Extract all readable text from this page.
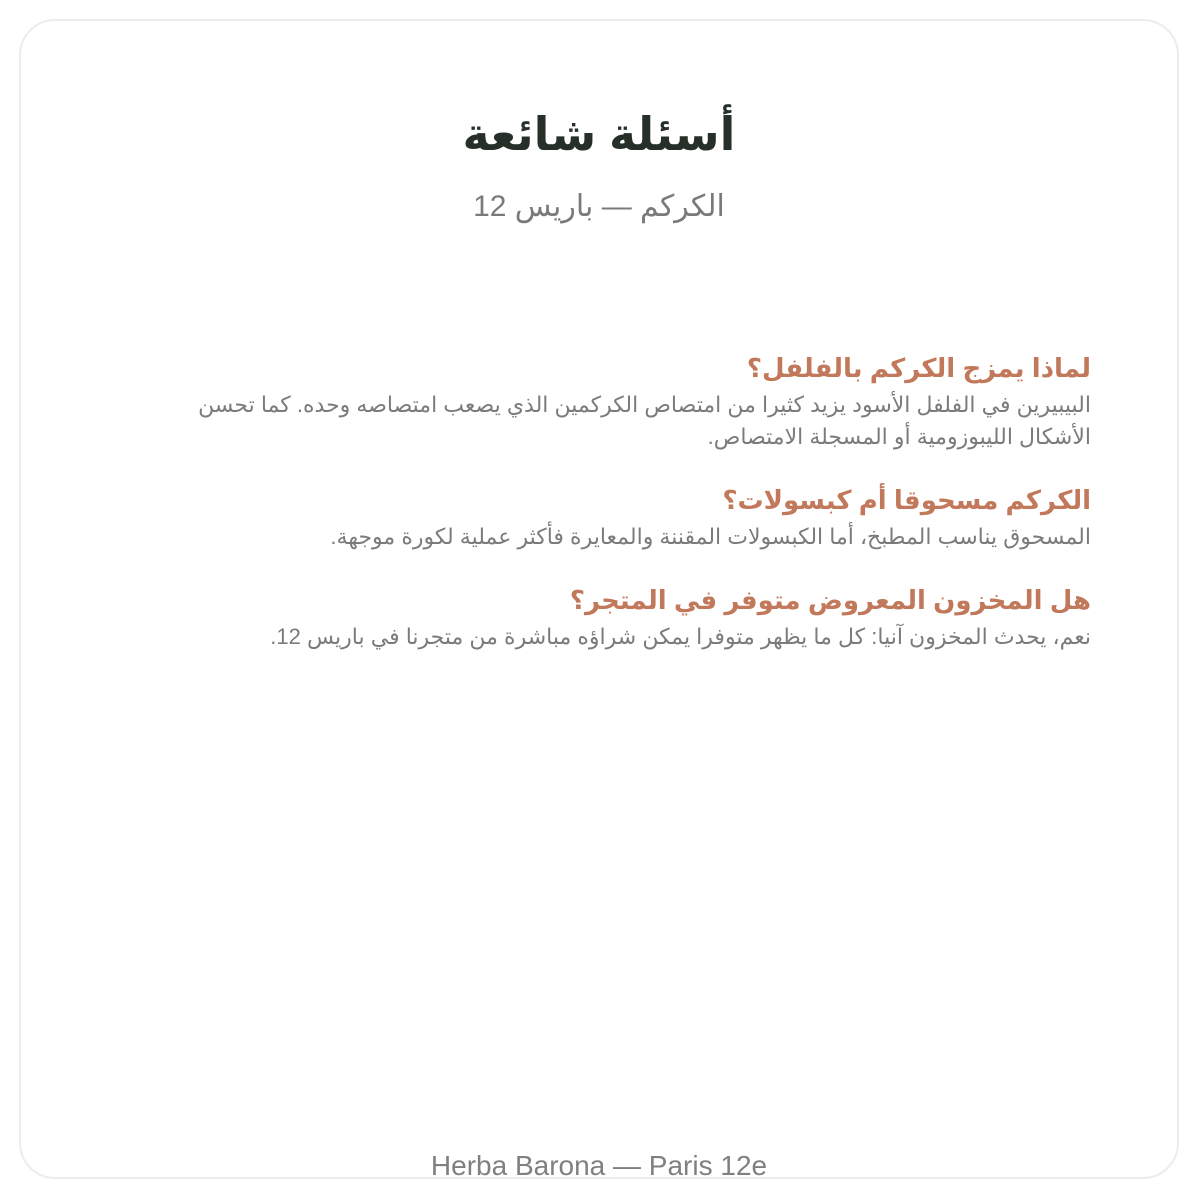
أسئلة شائعة
الكركم — باريس 12
لماذا يمزج الكركم بالفلفل؟
البيبيرين في الفلفل الأسود يزيد كثيرا من امتصاص الكركمين الذي يصعب امتصاصه وحده. كما تحسن الأشكال الليبوزومية أو المسجلة الامتصاص.
الكركم مسحوقا أم كبسولات؟
المسحوق يناسب المطبخ، أما الكبسولات المقننة والمعايرة فأكثر عملية لكورة موجهة.
هل المخزون المعروض متوفر في المتجر؟
نعم، يحدث المخزون آنيا: كل ما يظهر متوفرا يمكن شراؤه مباشرة من متجرنا في باريس 12.
Herba Barona — Paris 12e
